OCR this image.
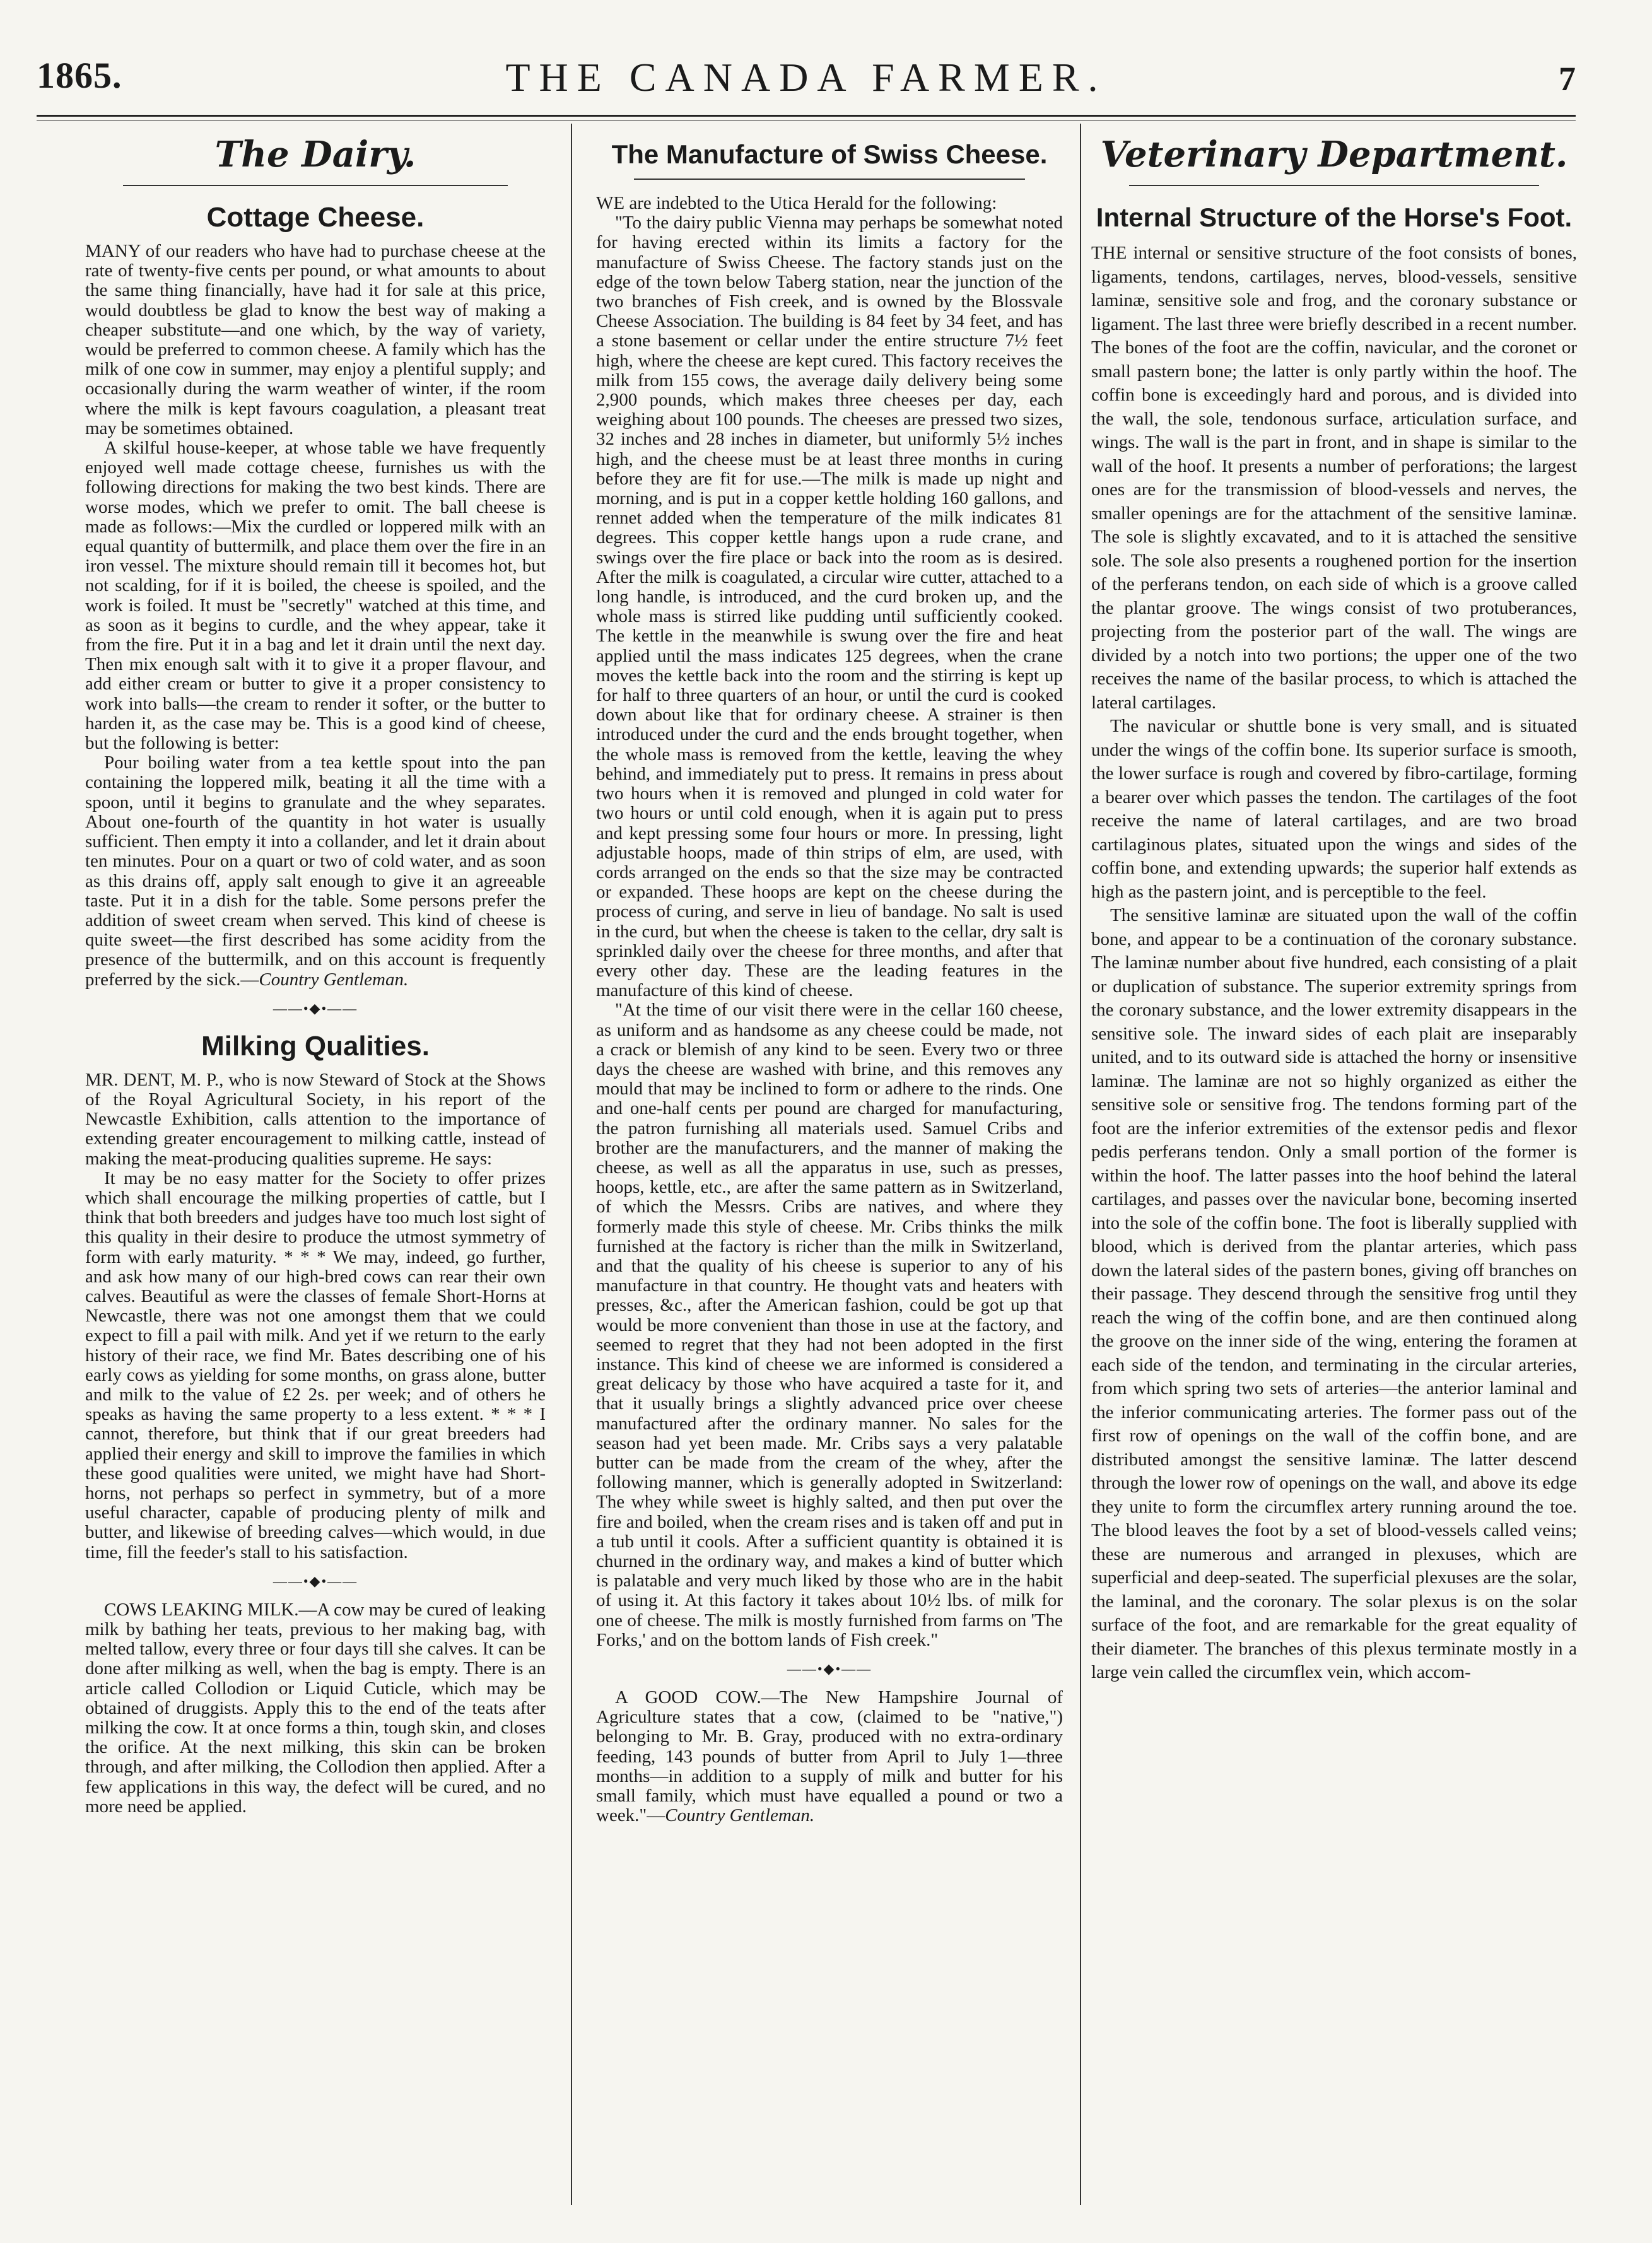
1865.	THE CANADA FARMER.	7
The Dairy.
Cottage Cheese.

MANY of our readers who have had to purchase cheese at the rate of twenty-five cents per pound, or what amounts to about the same thing financially, have had it for sale at this price, would doubtless be glad to know the best way of making a cheaper substitute—and one which, by the way of variety, would be preferred to common cheese. A family which has the milk of one cow in summer, may enjoy a plentiful supply; and occasionally during the warm weather of winter, if the room where the milk is kept favours coagulation, a pleasant treat may be sometimes obtained.

A skilful house-keeper, at whose table we have frequently enjoyed well made cottage cheese, furnishes us with the following directions for making the two best kinds. There are worse modes, which we prefer to omit. The ball cheese is made as follows:—Mix the curdled or loppered milk with an equal quantity of buttermilk, and place them over the fire in an iron vessel. The mixture should remain till it becomes hot, but not scalding, for if it is boiled, the cheese is spoiled, and the work is foiled. It must be "secretly" watched at this time, and as soon as it begins to curdle, and the whey appear, take it from the fire. Put it in a bag and let it drain until the next day. Then mix enough salt with it to give it a proper flavour, and add either cream or butter to give it a proper consistency to work into balls—the cream to render it softer, or the butter to harden it, as the case may be. This is a good kind of cheese, but the following is better:

Pour boiling water from a tea kettle spout into the pan containing the loppered milk, beating it all the time with a spoon, until it begins to granulate and the whey separates. About one-fourth of the quantity in hot water is usually sufficient. Then empty it into a collander, and let it drain about ten minutes. Pour on a quart or two of cold water, and as soon as this drains off, apply salt enough to give it an agreeable taste. Put it in a dish for the table. Some persons prefer the addition of sweet cream when served. This kind of cheese is quite sweet—the first described has some acidity from the presence of the buttermilk, and on this account is frequently preferred by the sick.—Country Gentleman.

——•◆•——
Milking Qualities.

MR. DENT, M. P., who is now Steward of Stock at the Shows of the Royal Agricultural Society, in his report of the Newcastle Exhibition, calls attention to the importance of extending greater encouragement to milking cattle, instead of making the meat-producing qualities supreme. He says:

It may be no easy matter for the Society to offer prizes which shall encourage the milking properties of cattle, but I think that both breeders and judges have too much lost sight of this quality in their desire to produce the utmost symmetry of form with early maturity. * * * We may, indeed, go further, and ask how many of our high-bred cows can rear their own calves. Beautiful as were the classes of female Short-Horns at Newcastle, there was not one amongst them that we could expect to fill a pail with milk. And yet if we return to the early history of their race, we find Mr. Bates describing one of his early cows as yielding for some months, on grass alone, butter and milk to the value of £2 2s. per week; and of others he speaks as having the same property to a less extent. * * * I cannot, therefore, but think that if our great breeders had applied their energy and skill to improve the families in which these good qualities were united, we might have had Short-horns, not perhaps so perfect in symmetry, but of a more useful character, capable of producing plenty of milk and butter, and likewise of breeding calves—which would, in due time, fill the feeder's stall to his satisfaction.

——•◆•——

COWS LEAKING MILK.—A cow may be cured of leaking milk by bathing her teats, previous to her making bag, with melted tallow, every three or four days till she calves. It can be done after milking as well, when the bag is empty. There is an article called Collodion or Liquid Cuticle, which may be obtained of druggists. Apply this to the end of the teats after milking the cow. It at once forms a thin, tough skin, and closes the orifice. At the next milking, this skin can be broken through, and after milking, the Collodion then applied. After a few applications in this way, the defect will be cured, and no more need be applied.

The Manufacture of Swiss Cheese.

WE are indebted to the Utica Herald for the following:

"To the dairy public Vienna may perhaps be somewhat noted for having erected within its limits a factory for the manufacture of Swiss Cheese. The factory stands just on the edge of the town below Taberg station, near the junction of the two branches of Fish creek, and is owned by the Blossvale Cheese Association. The building is 84 feet by 34 feet, and has a stone basement or cellar under the entire structure 7½ feet high, where the cheese are kept cured. This factory receives the milk from 155 cows, the average daily delivery being some 2,900 pounds, which makes three cheeses per day, each weighing about 100 pounds. The cheeses are pressed two sizes, 32 inches and 28 inches in diameter, but uniformly 5½ inches high, and the cheese must be at least three months in curing before they are fit for use.—The milk is made up night and morning, and is put in a copper kettle holding 160 gallons, and rennet added when the temperature of the milk indicates 81 degrees. This copper kettle hangs upon a rude crane, and swings over the fire place or back into the room as is desired. After the milk is coagulated, a circular wire cutter, attached to a long handle, is introduced, and the curd broken up, and the whole mass is stirred like pudding until sufficiently cooked. The kettle in the meanwhile is swung over the fire and heat applied until the mass indicates 125 degrees, when the crane moves the kettle back into the room and the stirring is kept up for half to three quarters of an hour, or until the curd is cooked down about like that for ordinary cheese. A strainer is then introduced under the curd and the ends brought together, when the whole mass is removed from the kettle, leaving the whey behind, and immediately put to press. It remains in press about two hours when it is removed and plunged in cold water for two hours or until cold enough, when it is again put to press and kept pressing some four hours or more. In pressing, light adjustable hoops, made of thin strips of elm, are used, with cords arranged on the ends so that the size may be contracted or expanded. These hoops are kept on the cheese during the process of curing, and serve in lieu of bandage. No salt is used in the curd, but when the cheese is taken to the cellar, dry salt is sprinkled daily over the cheese for three months, and after that every other day. These are the leading features in the manufacture of this kind of cheese.

"At the time of our visit there were in the cellar 160 cheese, as uniform and as handsome as any cheese could be made, not a crack or blemish of any kind to be seen. Every two or three days the cheese are washed with brine, and this removes any mould that may be inclined to form or adhere to the rinds. One and one-half cents per pound are charged for manufacturing, the patron furnishing all materials used. Samuel Cribs and brother are the manufacturers, and the manner of making the cheese, as well as all the apparatus in use, such as presses, hoops, kettle, etc., are after the same pattern as in Switzerland, of which the Messrs. Cribs are natives, and where they formerly made this style of cheese. Mr. Cribs thinks the milk furnished at the factory is richer than the milk in Switzerland, and that the quality of his cheese is superior to any of his manufacture in that country. He thought vats and heaters with presses, &c., after the American fashion, could be got up that would be more convenient than those in use at the factory, and seemed to regret that they had not been adopted in the first instance. This kind of cheese we are informed is considered a great delicacy by those who have acquired a taste for it, and that it usually brings a slightly advanced price over cheese manufactured after the ordinary manner. No sales for the season had yet been made. Mr. Cribs says a very palatable butter can be made from the cream of the whey, after the following manner, which is generally adopted in Switzerland: The whey while sweet is highly salted, and then put over the fire and boiled, when the cream rises and is taken off and put in a tub until it cools. After a sufficient quantity is obtained it is churned in the ordinary way, and makes a kind of butter which is palatable and very much liked by those who are in the habit of using it. At this factory it takes about 10½ lbs. of milk for one of cheese. The milk is mostly furnished from farms on 'The Forks,' and on the bottom lands of Fish creek."

——•◆•——

A GOOD COW.—The New Hampshire Journal of Agriculture states that a cow, (claimed to be "native,") belonging to Mr. B. Gray, produced with no extra-ordinary feeding, 143 pounds of butter from April to July 1—three months—in addition to a supply of milk and butter for his small family, which must have equalled a pound or two a week."—Country Gentleman.

Veterinary Department.
Internal Structure of the Horse's Foot.

THE internal or sensitive structure of the foot consists of bones, ligaments, tendons, cartilages, nerves, blood-vessels, sensitive laminæ, sensitive sole and frog, and the coronary substance or ligament. The last three were briefly described in a recent number. The bones of the foot are the coffin, navicular, and the coronet or small pastern bone; the latter is only partly within the hoof. The coffin bone is exceedingly hard and porous, and is divided into the wall, the sole, tendonous surface, articulation surface, and wings. The wall is the part in front, and in shape is similar to the wall of the hoof. It presents a number of perforations; the largest ones are for the transmission of blood-vessels and nerves, the smaller openings are for the attachment of the sensitive laminæ. The sole is slightly excavated, and to it is attached the sensitive sole. The sole also presents a roughened portion for the insertion of the perferans tendon, on each side of which is a groove called the plantar groove. The wings consist of two protuberances, projecting from the posterior part of the wall. The wings are divided by a notch into two portions; the upper one of the two receives the name of the basilar process, to which is attached the lateral cartilages.

The navicular or shuttle bone is very small, and is situated under the wings of the coffin bone. Its superior surface is smooth, the lower surface is rough and covered by fibro-cartilage, forming a bearer over which passes the tendon. The cartilages of the foot receive the name of lateral cartilages, and are two broad cartilaginous plates, situated upon the wings and sides of the coffin bone, and extending upwards; the superior half extends as high as the pastern joint, and is perceptible to the feel.

The sensitive laminæ are situated upon the wall of the coffin bone, and appear to be a continuation of the coronary substance. The laminæ number about five hundred, each consisting of a plait or duplication of substance. The superior extremity springs from the coronary substance, and the lower extremity disappears in the sensitive sole. The inward sides of each plait are inseparably united, and to its outward side is attached the horny or insensitive laminæ. The laminæ are not so highly organized as either the sensitive sole or sensitive frog. The tendons forming part of the foot are the inferior extremities of the extensor pedis and flexor pedis perferans tendon. Only a small portion of the former is within the hoof. The latter passes into the hoof behind the lateral cartilages, and passes over the navicular bone, becoming inserted into the sole of the coffin bone. The foot is liberally supplied with blood, which is derived from the plantar arteries, which pass down the lateral sides of the pastern bones, giving off branches on their passage. They descend through the sensitive frog until they reach the wing of the coffin bone, and are then continued along the groove on the inner side of the wing, entering the foramen at each side of the tendon, and terminating in the circular arteries, from which spring two sets of arteries—the anterior laminal and the inferior communicating arteries. The former pass out of the first row of openings on the wall of the coffin bone, and are distributed amongst the sensitive laminæ. The latter descend through the lower row of openings on the wall, and above its edge they unite to form the circumflex artery running around the toe. The blood leaves the foot by a set of blood-vessels called veins; these are numerous and arranged in plexuses, which are superficial and deep-seated. The superficial plexuses are the solar, the laminal, and the coronary. The solar plexus is on the solar surface of the foot, and are remarkable for the great equality of their diameter. The branches of this plexus terminate mostly in a large vein called the circumflex vein, which accom-
